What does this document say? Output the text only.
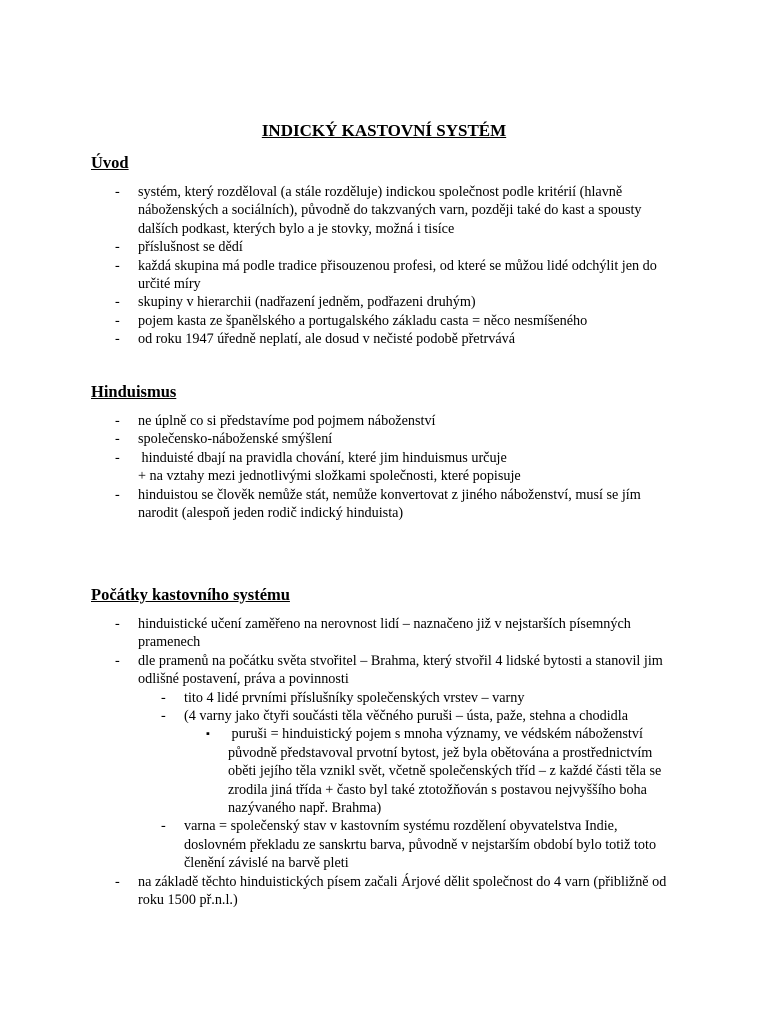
INDICKÝ KASTOVNÍ SYSTÉM
Úvod
- systém, který rozděloval (a stále rozděluje) indickou společnost podle kritérií (hlavně náboženských a sociálních), původně do takzvaných varn, později také do kast a spousty dalších podkast, kterých bylo a je stovky, možná i tisíce
- příslušnost se dědí
- každá skupina má podle tradice přisouzenou profesi, od které se můžou lidé odchýlit jen do určité míry
- skupiny v hierarchii (nadřazení jedněm, podřazeni druhým)
- pojem kasta ze španělského a portugalského základu casta = něco nesmíšeného
- od roku 1947 úředně neplatí, ale dosud v nečisté podobě přetrvává
Hinduismus
- ne úplně co si představíme pod pojmem náboženství
- společensko-náboženské smýšlení
-  hinduisté dbají na pravidla chování, které jim hinduismus určuje
+ na vztahy mezi jednotlivými složkami společnosti, které popisuje
- hinduistou se člověk nemůže stát, nemůže konvertovat z jiného náboženství, musí se jím narodit (alespoň jeden rodič indický hinduista)
Počátky kastovního systému
- hinduistické učení zaměřeno na nerovnost lidí – naznačeno již v nejstarších písemných pramenech
- dle pramenů na počátku světa stvořitel – Brahma, který stvořil 4 lidské bytosti a stanovil jim odlišné postavení, práva a povinnosti
- tito 4 lidé prvními příslušníky společenských vrstev – varny
- (4 varny jako čtyři součásti těla věčného puruši – ústa, paže, stehna a chodidla
▪  puruši = hinduistický pojem s mnoha významy, ve védském náboženství původně představoval prvotní bytost, jež byla obětována a prostřednictvím oběti jejího těla vznikl svět, včetně společenských tříd – z každé části těla se zrodila jiná třída + často byl také ztotožňován s postavou nejvyššího boha nazývaného např. Brahma)
- varna = společenský stav v kastovním systému rozdělení obyvatelstva Indie, doslovném překladu ze sanskrtu barva, původně v nejstarším období bylo totiž toto členění závislé na barvě pleti
- na základě těchto hinduistických písem začali Árjové dělit společnost do 4 varn (přibližně od roku 1500 př.n.l.)
